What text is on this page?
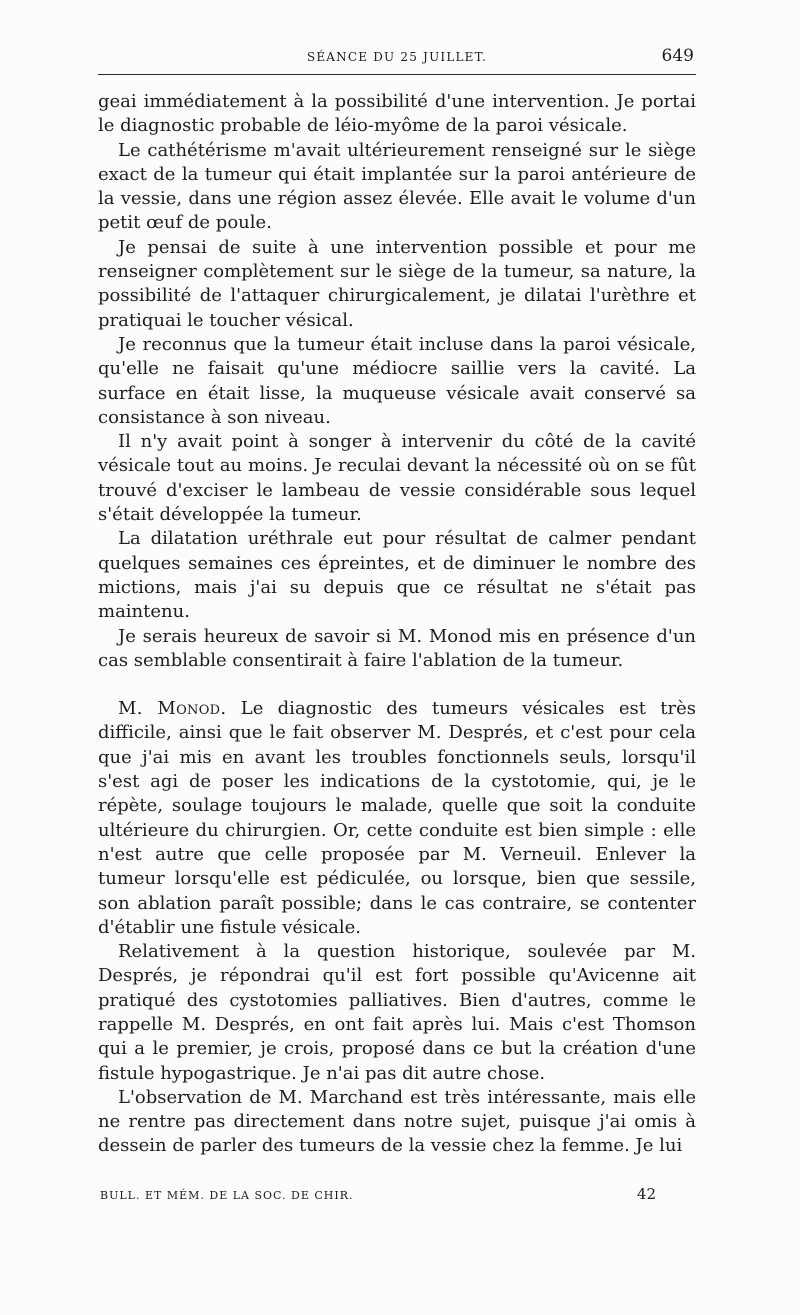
SÉANCE DU 25 JUILLET.	649

geai immédiatement à la possibilité d'une intervention. Je portai le diagnostic probable de léio-myôme de la paroi vésicale.

Le cathétérisme m'avait ultérieurement renseigné sur le siège exact de la tumeur qui était implantée sur la paroi antérieure de la vessie, dans une région assez élevée. Elle avait le volume d'un petit œuf de poule.

Je pensai de suite à une intervention possible et pour me renseigner complètement sur le siège de la tumeur, sa nature, la possibilité de l'attaquer chirurgicalement, je dilatai l'urèthre et pratiquai le toucher vésical.

Je reconnus que la tumeur était incluse dans la paroi vésicale, qu'elle ne faisait qu'une médiocre saillie vers la cavité. La surface en était lisse, la muqueuse vésicale avait conservé sa consistance à son niveau.

Il n'y avait point à songer à intervenir du côté de la cavité vésicale tout au moins. Je reculai devant la nécessité où on se fût trouvé d'exciser le lambeau de vessie considérable sous lequel s'était développée la tumeur.

La dilatation uréthrale eut pour résultat de calmer pendant quelques semaines ces épreintes, et de diminuer le nombre des mictions, mais j'ai su depuis que ce résultat ne s'était pas maintenu.

Je serais heureux de savoir si M. Monod mis en présence d'un cas semblable consentirait à faire l'ablation de la tumeur.

M. Monod. Le diagnostic des tumeurs vésicales est très difficile, ainsi que le fait observer M. Després, et c'est pour cela que j'ai mis en avant les troubles fonctionnels seuls, lorsqu'il s'est agi de poser les indications de la cystotomie, qui, je le répète, soulage toujours le malade, quelle que soit la conduite ultérieure du chirurgien. Or, cette conduite est bien simple : elle n'est autre que celle proposée par M. Verneuil. Enlever la tumeur lorsqu'elle est pédiculée, ou lorsque, bien que sessile, son ablation paraît possible; dans le cas contraire, se contenter d'établir une fistule vésicale.

Relativement à la question historique, soulevée par M. Després, je répondrai qu'il est fort possible qu'Avicenne ait pratiqué des cystotomies palliatives. Bien d'autres, comme le rappelle M. Després, en ont fait après lui. Mais c'est Thomson qui a le premier, je crois, proposé dans ce but la création d'une fistule hypogastrique. Je n'ai pas dit autre chose.

L'observation de M. Marchand est très intéressante, mais elle ne rentre pas directement dans notre sujet, puisque j'ai omis à dessein de parler des tumeurs de la vessie chez la femme. Je lui

BULL. ET MÉM. DE LA SOC. DE CHIR.	42
